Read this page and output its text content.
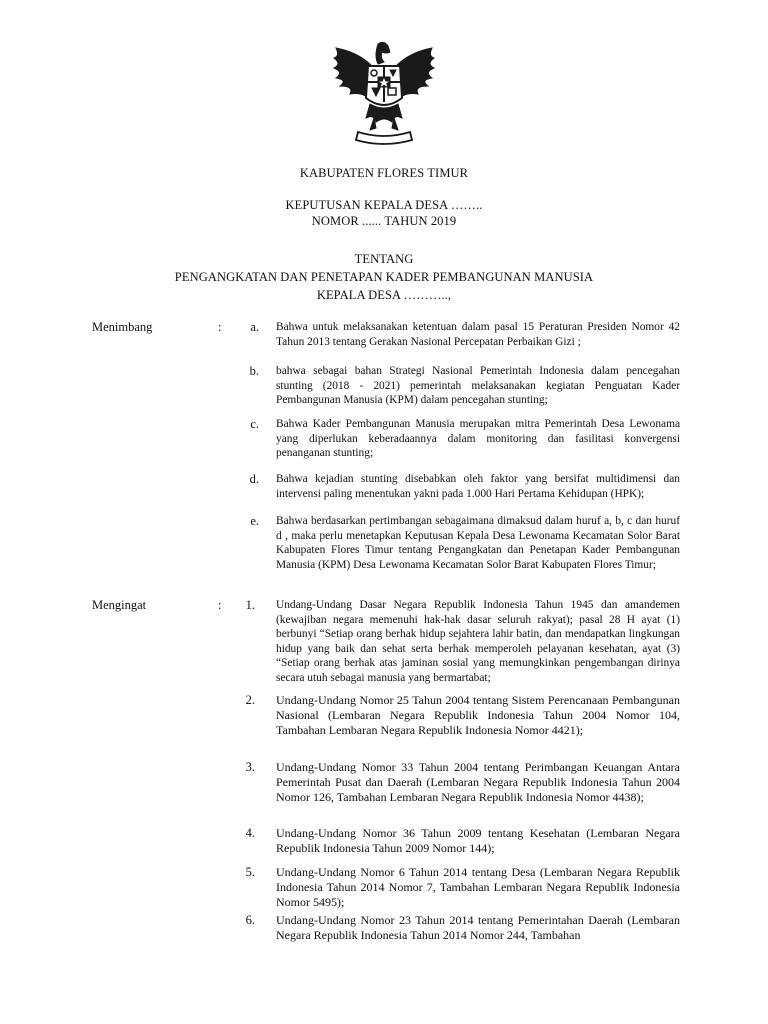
KABUPATEN FLORES TIMUR
KEPUTUSAN KEPALA DESA ……..
NOMOR ...... TAHUN 2019
TENTANG
PENGANGKATAN DAN PENETAPAN KADER PEMBANGUNAN MANUSIA
KEPALA DESA ………..,
Menimbang	:	a. Bahwa untuk melaksanakan ketentuan dalam pasal 15 Peraturan Presiden Nomor 42 Tahun 2013 tentang Gerakan Nasional Percepatan Perbaikan Gizi ;
b. bahwa sebagai bahan Strategi Nasional Pemerintah Indonesia dalam pencegahan stunting (2018 - 2021) pemerintah melaksanakan kegiatan Penguatan Kader Pembangunan Manusia (KPM) dalam pencegahan stunting;
c. Bahwa Kader Pembangunan Manusia merupakan mitra Pemerintah Desa Lewonama yang diperlukan keberadaannya dalam monitoring dan fasilitasi konvergensi penanganan stunting;
d. Bahwa kejadian stunting disebabkan oleh faktor yang bersifat multidimensi dan intervensi paling menentukan yakni pada 1.000 Hari Pertama Kehidupan (HPK);
e. Bahwa berdasarkan pertimbangan sebagaimana dimaksud dalam huruf a, b, c dan huruf d , maka perlu menetapkan Keputusan Kepala Desa Lewonama Kecamatan Solor Barat Kabupaten Flores Timur tentang Pengangkatan dan Penetapan Kader Pembangunan Manusia (KPM) Desa Lewonama Kecamatan Solor Barat Kabupaten Flores Timur;
Mengingat	:	1. Undang-Undang Dasar Negara Republik Indonesia Tahun 1945 dan amandemen (kewajiban negara memenuhi hak-hak dasar seluruh rakyat); pasal 28 H ayat (1) berbunyi “Setiap orang berhak hidup sejahtera lahir batin, dan mendapatkan lingkungan hidup yang baik dan sehat serta berhak memperoleh pelayanan kesehatan, ayat (3) “Setiap orang berhak atas jaminan sosial yang memungkinkan pengembangan dirinya secara utuh sebagai manusia yang bermartabat;
2. Undang-Undang Nomor 25 Tahun 2004 tentang Sistem Perencanaan Pembangunan Nasional (Lembaran Negara Republik Indonesia Tahun 2004 Nomor 104, Tambahan Lembaran Negara Republik Indonesia Nomor 4421);
3. Undang-Undang Nomor 33 Tahun 2004 tentang Perimbangan Keuangan Antara Pemerintah Pusat dan Daerah (Lembaran Negara Republik Indonesia Tahun 2004 Nomor 126, Tambahan Lembaran Negara Republik Indonesia Nomor 4438);
4. Undang-Undang Nomor 36 Tahun 2009 tentang Kesehatan (Lembaran Negara Republik Indonesia Tahun 2009 Nomor 144);
5. Undang-Undang Nomor 6 Tahun 2014 tentang Desa (Lembaran Negara Republik Indonesia Tahun 2014 Nomor 7, Tambahan Lembaran Negara Republik Indonesia Nomor 5495);
6. Undang-Undang Nomor 23 Tahun 2014 tentang Pemerintahan Daerah (Lembaran Negara Republik Indonesia Tahun 2014 Nomor 244, Tambahan
